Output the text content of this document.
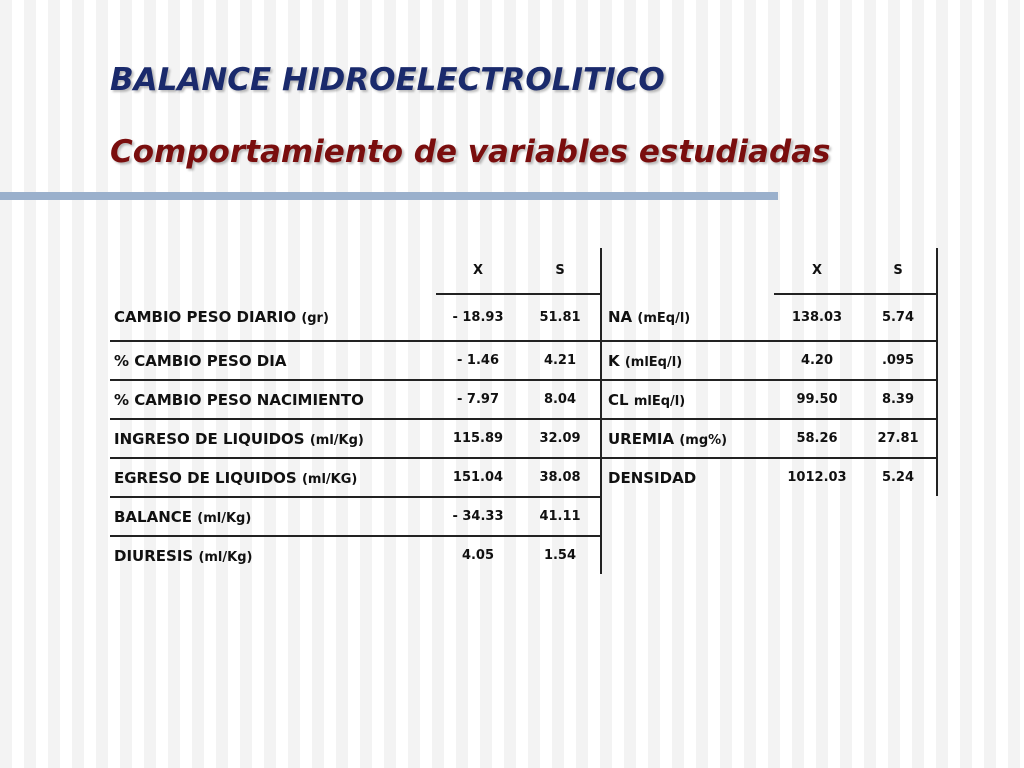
BALANCE HIDROELECTROLITICO
Comportamiento de variables estudiadas
	X	S
CAMBIO PESO DIARIO (gr)	- 18.93	51.81
% CAMBIO PESO DIA	- 1.46	4.21
% CAMBIO PESO NACIMIENTO	- 7.97	8.04
INGRESO DE LIQUIDOS (ml/Kg)	115.89	32.09
EGRESO DE LIQUIDOS (ml/KG)	151.04	38.08
BALANCE (ml/Kg)	- 34.33	41.11
DIURESIS (ml/Kg)	4.05	1.54
	X	S
NA (mEq/l)	138.03	5.74
K (mlEq/l)	4.20	.095
CL mlEq/l)	99.50	8.39
UREMIA (mg%)	58.26	27.81
DENSIDAD	1012.03	5.24
